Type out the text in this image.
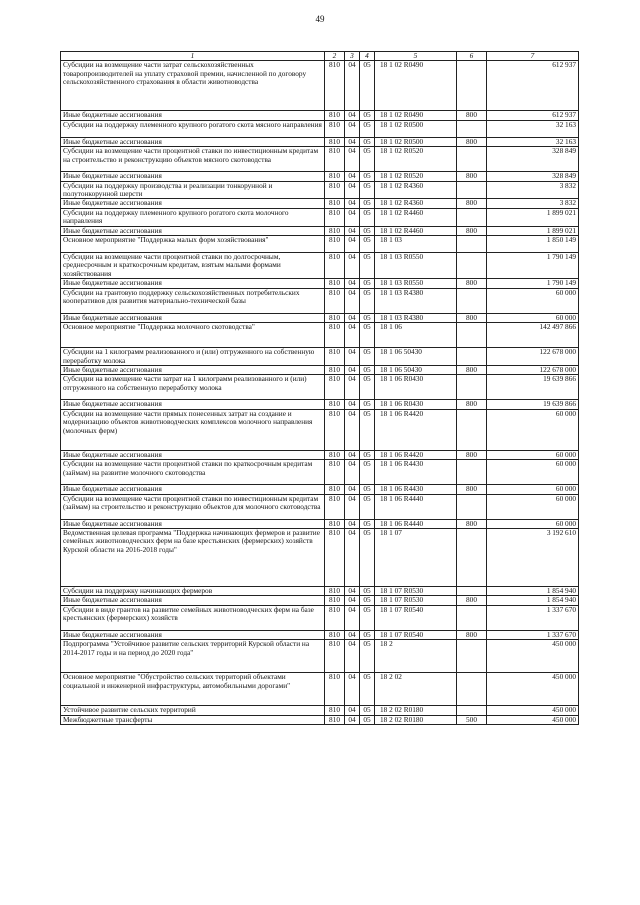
49
1	2	3	4	5	6	7
Субсидии на возмещение части затрат сельскохозяйственных товаропроизводителей на уплату страховой премии, начисленной по договору сельскохозяйственного страхования в области животноводства	810	04	05	18 1 02 R0490		612 937
Иные бюджетные ассигнования	810	04	05	18 1 02 R0490	800	612 937
Субсидии на поддержку племенного крупного рогатого скота мясного направления	810	04	05	18 1 02 R0500		32 163
Иные бюджетные ассигнования	810	04	05	18 1 02 R0500	800	32 163
Субсидии на возмещение части процентной ставки по инвестиционным кредитам на строительство и реконструкцию объектов мясного скотоводства	810	04	05	18 1 02 R0520		328 849
Иные бюджетные ассигнования	810	04	05	18 1 02 R0520	800	328 849
Субсидии на поддержку производства и реализации тонкорунной и полутонкорунной шерсти	810	04	05	18 1 02 R4360		3 832
Иные бюджетные ассигнования	810	04	05	18 1 02 R4360	800	3 832
Субсидии на поддержку племенного крупного рогатого скота молочного направления	810	04	05	18 1 02 R4460		1 899 021
Иные бюджетные ассигнования	810	04	05	18 1 02 R4460	800	1 899 021
Основное мероприятие "Поддержка малых форм хозяйствования"	810	04	05	18 1 03		1 850 149
Субсидии на возмещение части процентной ставки по долгосрочным, среднесрочным и краткосрочным кредитам, взятым малыми формами хозяйствования	810	04	05	18 1 03 R0550		1 790 149
Иные бюджетные ассигнования	810	04	05	18 1 03 R0550	800	1 790 149
Субсидии на грантовую поддержку сельскохозяйственных потребительских кооперативов для развития материально-технической базы	810	04	05	18 1 03 R4380		60 000
Иные бюджетные ассигнования	810	04	05	18 1 03 R4380	800	60 000
Основное мероприятие "Поддержка молочного скотоводства"	810	04	05	18 1 06		142 497 866
Субсидии на 1 килограмм реализованного и (или) отгруженного на собственную переработку молока	810	04	05	18 1 06 50430		122 678 000
Иные бюджетные ассигнования	810	04	05	18 1 06 50430	800	122 678 000
Субсидии на возмещение части затрат на 1 килограмм реализованного и (или) отгруженного на собственную переработку молока	810	04	05	18 1 06 R0430		19 639 866
Иные бюджетные ассигнования	810	04	05	18 1 06 R0430	800	19 639 866
Субсидии на возмещение части прямых понесенных затрат на создание и модернизацию объектов животноводческих комплексов молочного направления (молочных ферм)	810	04	05	18 1 06 R4420		60 000
Иные бюджетные ассигнования	810	04	05	18 1 06 R4420	800	60 000
Субсидии на возмещение части процентной ставки по краткосрочным кредитам (займам) на развитие молочного скотоводства	810	04	05	18 1 06 R4430		60 000
Иные бюджетные ассигнования	810	04	05	18 1 06 R4430	800	60 000
Субсидии на возмещение части процентной ставки по инвестиционным кредитам (займам) на строительство и реконструкцию объектов для молочного скотоводства	810	04	05	18 1 06 R4440		60 000
Иные бюджетные ассигнования	810	04	05	18 1 06 R4440	800	60 000
Ведомственная целевая программа "Поддержка начинающих фермеров и развитие семейных животноводческих ферм на базе крестьянских (фермерских) хозяйств Курской области на 2016-2018 годы"	810	04	05	18 1 07		3 192 610
Субсидии на поддержку начинающих фермеров	810	04	05	18 1 07 R0530		1 854 940
Иные бюджетные ассигнования	810	04	05	18 1 07 R0530	800	1 854 940
Субсидии в виде грантов на развитие семейных животноводческих ферм на базе крестьянских (фермерских) хозяйств	810	04	05	18 1 07 R0540		1 337 670
Иные бюджетные ассигнования	810	04	05	18 1 07 R0540	800	1 337 670
Подпрограмма "Устойчивое развитие сельских территорий Курской области на 2014-2017 годы и на период до 2020 года"	810	04	05	18 2		450 000
Основное мероприятие "Обустройство сельских территорий объектами социальной и инженерной инфраструктуры, автомобильными дорогами"	810	04	05	18 2 02		450 000
Устойчивое развитие сельских территорий	810	04	05	18 2 02 R0180		450 000
Межбюджетные трансферты	810	04	05	18 2 02 R0180	500	450 000
